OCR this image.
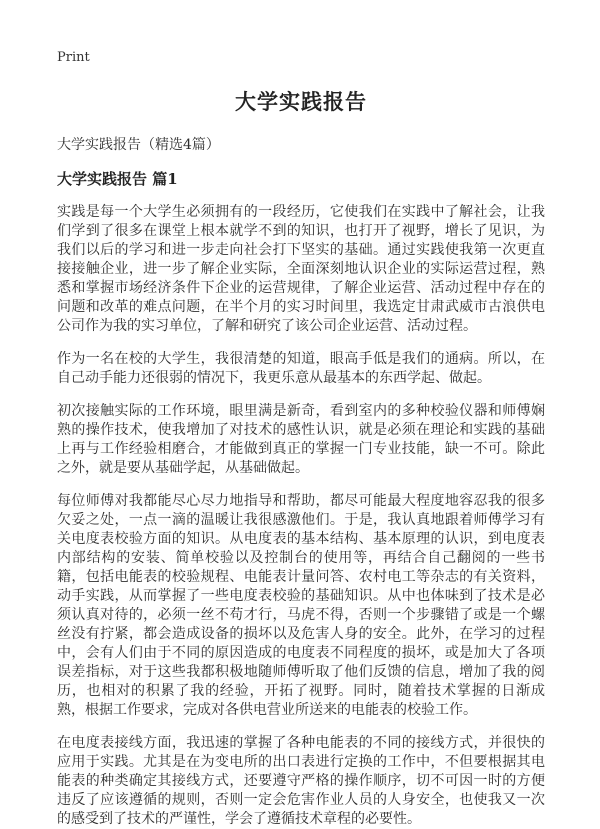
Print
大学实践报告
大学实践报告（精选4篇）
大学实践报告 篇1

实践是每一个大学生必须拥有的一段经历，它使我们在实践中了解社会，让我们学到了很多在课堂上根本就学不到的知识，也打开了视野，增长了见识，为我们以后的学习和进一步走向社会打下坚实的基础。通过实践使我第一次更直接接触企业，进一步了解企业实际，全面深刻地认识企业的实际运营过程，熟悉和掌握市场经济条件下企业的运营规律，了解企业运营、活动过程中存在的问题和改革的难点问题，在半个月的实习时间里，我选定甘肃武威市古浪供电公司作为我的实习单位，了解和研究了该公司企业运营、活动过程。

作为一名在校的大学生，我很清楚的知道，眼高手低是我们的通病。所以，在自己动手能力还很弱的情况下，我更乐意从最基本的东西学起、做起。

初次接触实际的工作环境，眼里满是新奇，看到室内的多种校验仪器和师傅娴熟的操作技术，使我增加了对技术的感性认识，就是必须在理论和实践的基础上再与工作经验相磨合，才能做到真正的掌握一门专业技能，缺一不可。除此之外，就是要从基础学起，从基础做起。

每位师傅对我都能尽心尽力地指导和帮助，都尽可能最大程度地容忍我的很多欠妥之处，一点一滴的温暖让我很感激他们。于是，我认真地跟着师傅学习有关电度表校验方面的知识。从电度表的基本结构、基本原理的认识，到电度表内部结构的安装、简单校验以及控制台的使用等，再结合自己翻阅的一些书籍，包括电能表的校验规程、电能表计量问答、农村电工等杂志的有关资料，动手实践，从而掌握了一些电度表校验的基础知识。从中也体味到了技术是必须认真对待的，必须一丝不苟才行，马虎不得，否则一个步骤错了或是一个螺丝没有拧紧，都会造成设备的损坏以及危害人身的安全。此外，在学习的过程中，会有人们由于不同的原因造成的电度表不同程度的损坏，或是加大了各项误差指标，对于这些我都积极地随师傅听取了他们反馈的信息，增加了我的阅历，也相对的积累了我的经验，开拓了视野。同时，随着技术掌握的日渐成熟，根据工作要求，完成对各供电营业所送来的电能表的校验工作。

在电度表接线方面，我迅速的掌握了各种电能表的不同的接线方式，并很快的应用于实践。尤其是在为变电所的出口表进行定换的工作中，不但要根据其电能表的种类确定其接线方式，还要遵守严格的操作顺序，切不可因一时的方便违反了应该遵循的规则，否则一定会危害作业人员的人身安全，也使我又一次的感受到了技术的严谨性，学会了遵循技术章程的必要性。
